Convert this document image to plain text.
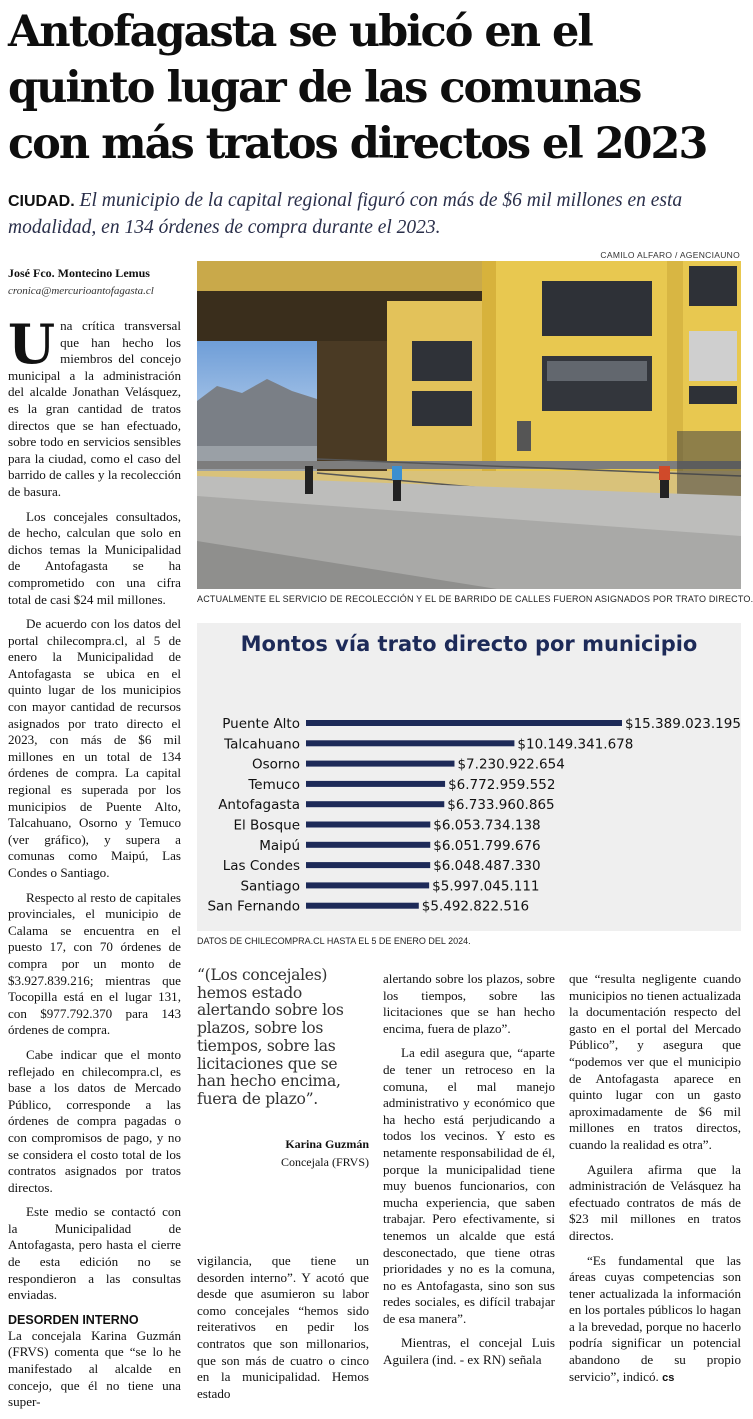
Antofagasta se ubicó en el
quinto lugar de las comunas
con más tratos directos el 2023
CIUDAD. El municipio de la capital regional figuró con más de $6 mil millones en esta modalidad, en 134 órdenes de compra durante el 2023.
José Fco. Montecino Lemus
cronica@mercurioantofagasta.cl

Una crítica transversal que han hecho los miembros del concejo municipal a la administración del alcalde Jonathan Velásquez, es la gran cantidad de tratos directos que se han efectuado, sobre todo en servicios sensibles para la ciudad, como el caso del barrido de calles y la recolección de basura.

Los concejales consultados, de hecho, calculan que solo en dichos temas la Municipalidad de Antofagasta se ha comprometido con una cifra total de casi $24 mil millones.

De acuerdo con los datos del portal chilecompra.cl, al 5 de enero la Municipalidad de Antofagasta se ubica en el quinto lugar de los municipios con mayor cantidad de recursos asignados por trato directo el 2023, con más de $6 mil millones en un total de 134 órdenes de compra. La capital regional es superada por los municipios de Puente Alto, Talcahuano, Osorno y Temuco (ver gráfico), y supera a comunas como Maipú, Las Condes o Santiago.

Respecto al resto de capitales provinciales, el municipio de Calama se encuentra en el puesto 17, con 70 órdenes de compra por un monto de $3.927.839.216; mientras que Tocopilla está en el lugar 131, con $977.792.370 para 143 órdenes de compra.

Cabe indicar que el monto reflejado en chilecompra.cl, es base a los datos de Mercado Público, corresponde a las órdenes de compra pagadas o con compromisos de pago, y no se considera el costo total de los contratos asignados por tratos directos.

Este medio se contactó con la Municipalidad de Antofagasta, pero hasta el cierre de esta edición no se respondieron a las consultas enviadas.

DESORDEN INTERNO

La concejala Karina Guzmán (FRVS) comenta que “se lo he manifestado al alcalde en concejo, que él no tiene una super-

CAMILO ALFARO / AGENCIAUNO
ACTUALMENTE EL SERVICIO DE RECOLECCIÓN Y EL DE BARRIDO DE CALLES FUERON ASIGNADOS POR TRATO DIRECTO.
Montos vía trato directo por municipio
Puente Alto	$15.389.023.195
Talcahuano	$10.149.341.678
Osorno	$7.230.922.654
Temuco	$6.772.959.552
Antofagasta	$6.733.960.865
El Bosque	$6.053.734.138
Maipú	$6.051.799.676
Las Condes	$6.048.487.330
Santiago	$5.997.045.111
San Fernando	$5.492.822.516
DATOS DE CHILECOMPRA.CL HASTA EL 5 DE ENERO DEL 2024.
“(Los concejales) hemos estado alertando sobre los plazos, sobre los tiempos, sobre las licitaciones que se han hecho encima, fuera de plazo”.
Karina Guzmán
Concejala (FRVS)

vigilancia, que tiene un desorden interno”. Y acotó que desde que asumieron su labor como concejales “hemos sido reiterativos en pedir los contratos que son millonarios, que son más de cuatro o cinco en la municipalidad. Hemos estado

alertando sobre los plazos, sobre los tiempos, sobre las licitaciones que se han hecho encima, fuera de plazo”.

La edil asegura que, “aparte de tener un retroceso en la comuna, el mal manejo administrativo y económico que ha hecho está perjudicando a todos los vecinos. Y esto es netamente responsabilidad de él, porque la municipalidad tiene muy buenos funcionarios, con mucha experiencia, que saben trabajar. Pero efectivamente, si tenemos un alcalde que está desconectado, que tiene otras prioridades y no es la comuna, no es Antofagasta, sino son sus redes sociales, es difícil trabajar de esa manera”.

Mientras, el concejal Luis Aguilera (ind. - ex RN) señala

que “resulta negligente cuando municipios no tienen actualizada la documentación respecto del gasto en el portal del Mercado Público”, y asegura que “podemos ver que el municipio de Antofagasta aparece en quinto lugar con un gasto aproximadamente de $6 mil millones en tratos directos, cuando la realidad es otra”.

Aguilera afirma que la administración de Velásquez ha efectuado contratos de más de $23 mil millones en tratos directos.

“Es fundamental que las áreas cuyas competencias son tener actualizada la información en los portales públicos lo hagan a la brevedad, porque no hacerlo podría significar un potencial abandono de su propio servicio”, indicó. cs
